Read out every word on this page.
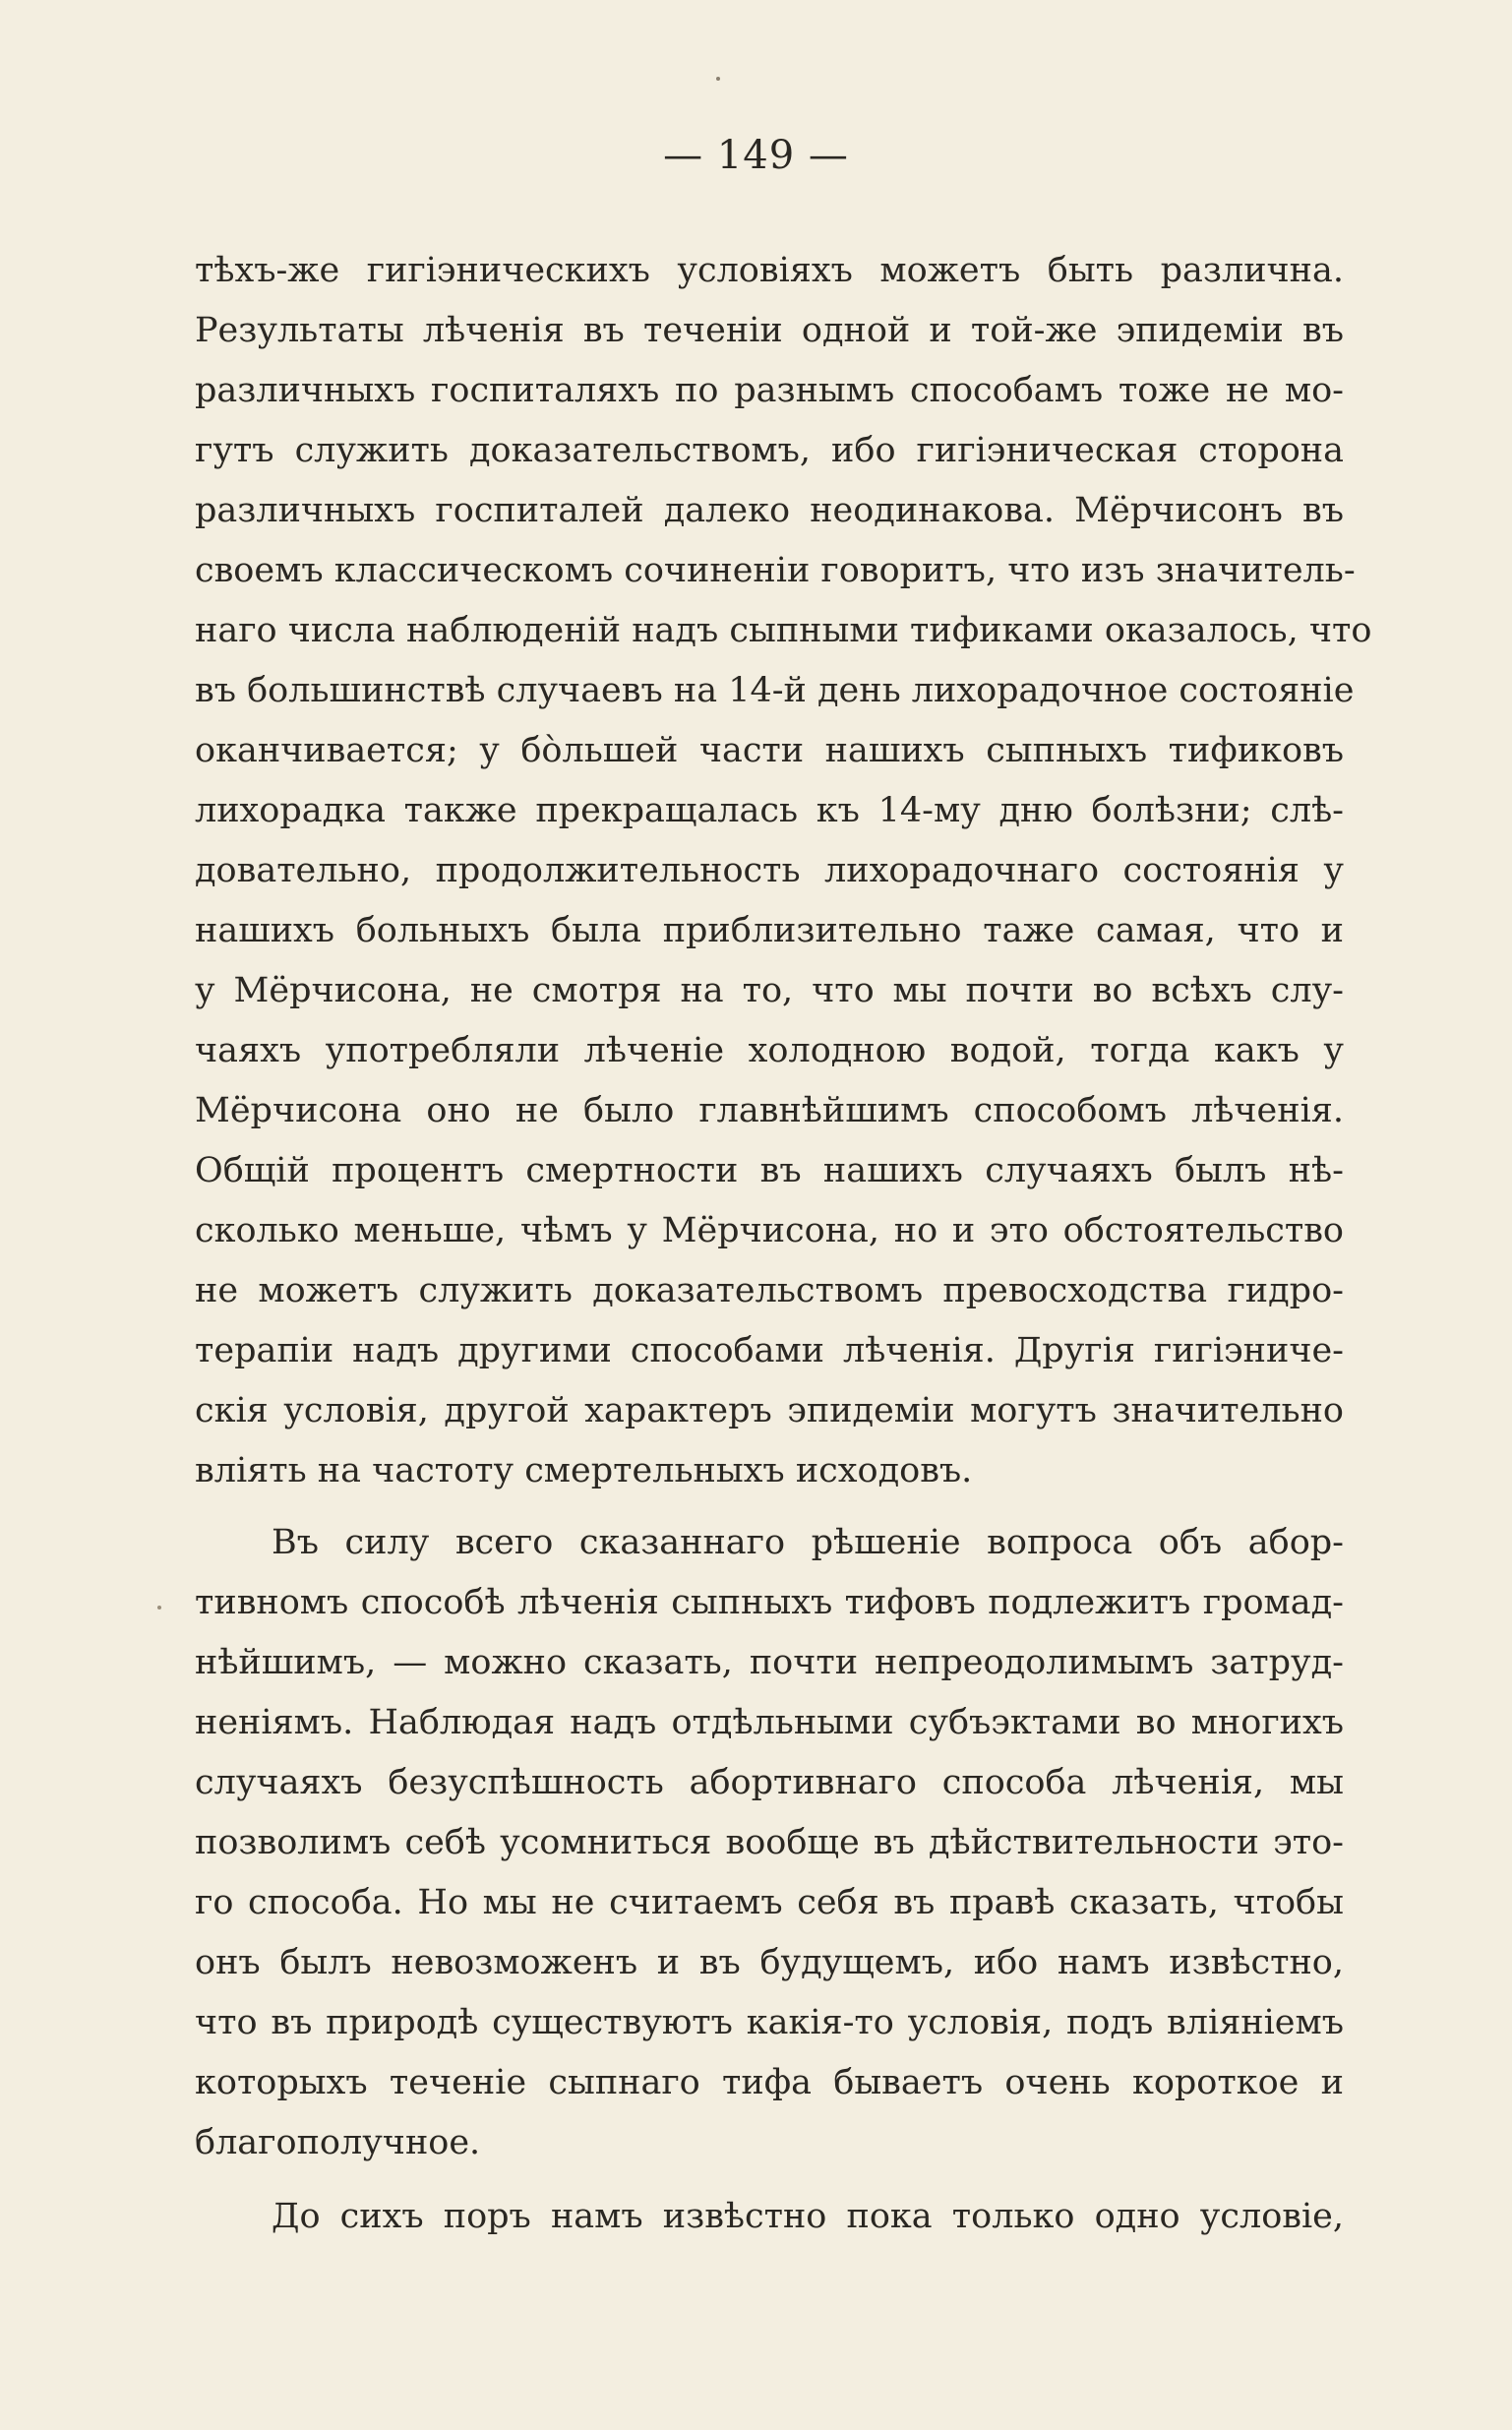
— 149 —
тѣхъ-же гигіэническихъ условіяхъ можетъ быть различна.
Результаты лѣченія въ теченіи одной и той-же эпидеміи въ
различныхъ госпиталяхъ по разнымъ способамъ тоже не мо-
гутъ служить доказательствомъ, ибо гигіэническая сторона
различныхъ госпиталей далеко неодинакова. Мёрчисонъ въ
своемъ классическомъ сочиненіи говоритъ, что изъ значитель-
наго числа наблюденій надъ сыпными тификами оказалось, что
въ большинствѣ случаевъ на 14-й день лихорадочное состояніе
оканчивается; у бо̀льшей части нашихъ сыпныхъ тификовъ
лихорадка также прекращалась къ 14-му дню болѣзни; слѣ-
довательно, продолжительность лихорадочнаго состоянія у
нашихъ больныхъ была приблизительно таже самая, что и
у Мёрчисона, не смотря на то, что мы почти во всѣхъ слу-
чаяхъ употребляли лѣченіе холодною водой, тогда какъ у
Мёрчисона оно не было главнѣйшимъ способомъ лѣченія.
Общій процентъ смертности въ нашихъ случаяхъ былъ нѣ-
сколько меньше, чѣмъ у Мёрчисона, но и это обстоятельство
не можетъ служить доказательствомъ превосходства гидро-
терапіи надъ другими способами лѣченія. Другія гигіэниче-
скія условія, другой характеръ эпидеміи могутъ значительно
вліять на частоту смертельныхъ исходовъ.
Въ силу всего сказаннаго рѣшеніе вопроса объ абор-
тивномъ способѣ лѣченія сыпныхъ тифовъ подлежитъ громад-
нѣйшимъ, — можно сказать, почти непреодолимымъ затруд-
неніямъ. Наблюдая надъ отдѣльными субъэктами во многихъ
случаяхъ безуспѣшность абортивнаго способа лѣченія, мы
позволимъ себѣ усомниться вообще въ дѣйствительности это-
го способа. Но мы не считаемъ себя въ правѣ сказать, чтобы
онъ былъ невозможенъ и въ будущемъ, ибо намъ извѣстно,
что въ природѣ существуютъ какія-то условія, подъ вліяніемъ
которыхъ теченіе сыпнаго тифа бываетъ очень короткое и
благополучное.
До сихъ поръ намъ извѣстно пока только одно условіе,
